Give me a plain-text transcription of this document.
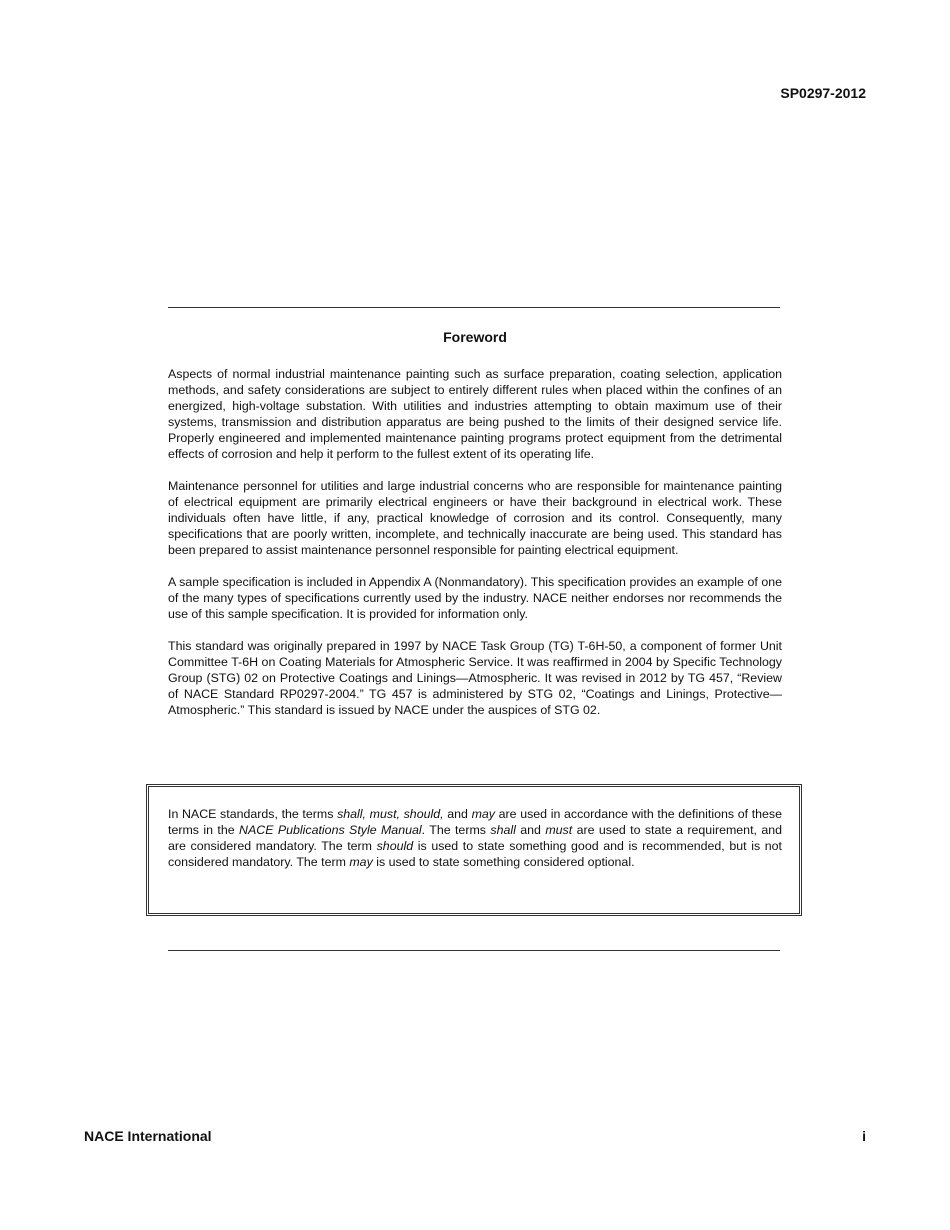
SP0297-2012
Foreword

Aspects of normal industrial maintenance painting such as surface preparation, coating selection, application methods, and safety considerations are subject to entirely different rules when placed within the confines of an energized, high-voltage substation. With utilities and industries attempting to obtain maximum use of their systems, transmission and distribution apparatus are being pushed to the limits of their designed service life. Properly engineered and implemented maintenance painting programs protect equipment from the detrimental effects of corrosion and help it perform to the fullest extent of its operating life.

Maintenance personnel for utilities and large industrial concerns who are responsible for maintenance painting of electrical equipment are primarily electrical engineers or have their background in electrical work. These individuals often have little, if any, practical knowledge of corrosion and its control. Consequently, many specifications that are poorly written, incomplete, and technically inaccurate are being used. This standard has been prepared to assist maintenance personnel responsible for painting electrical equipment.

A sample specification is included in Appendix A (Nonmandatory). This specification provides an example of one of the many types of specifications currently used by the industry. NACE neither endorses nor recommends the use of this sample specification. It is provided for information only.

This standard was originally prepared in 1997 by NACE Task Group (TG) T-6H-50, a component of former Unit Committee T-6H on Coating Materials for Atmospheric Service. It was reaffirmed in 2004 by Specific Technology Group (STG) 02 on Protective Coatings and Linings—Atmospheric. It was revised in 2012 by TG 457, “Review of NACE Standard RP0297-2004.” TG 457 is administered by STG 02, “Coatings and Linings, Protective—Atmospheric.” This standard is issued by NACE under the auspices of STG 02.

In NACE standards, the terms shall, must, should, and may are used in accordance with the definitions of these terms in the NACE Publications Style Manual. The terms shall and must are used to state a requirement, and are considered mandatory. The term should is used to state something good and is recommended, but is not considered mandatory. The term may is used to state something considered optional.

NACE International	i
